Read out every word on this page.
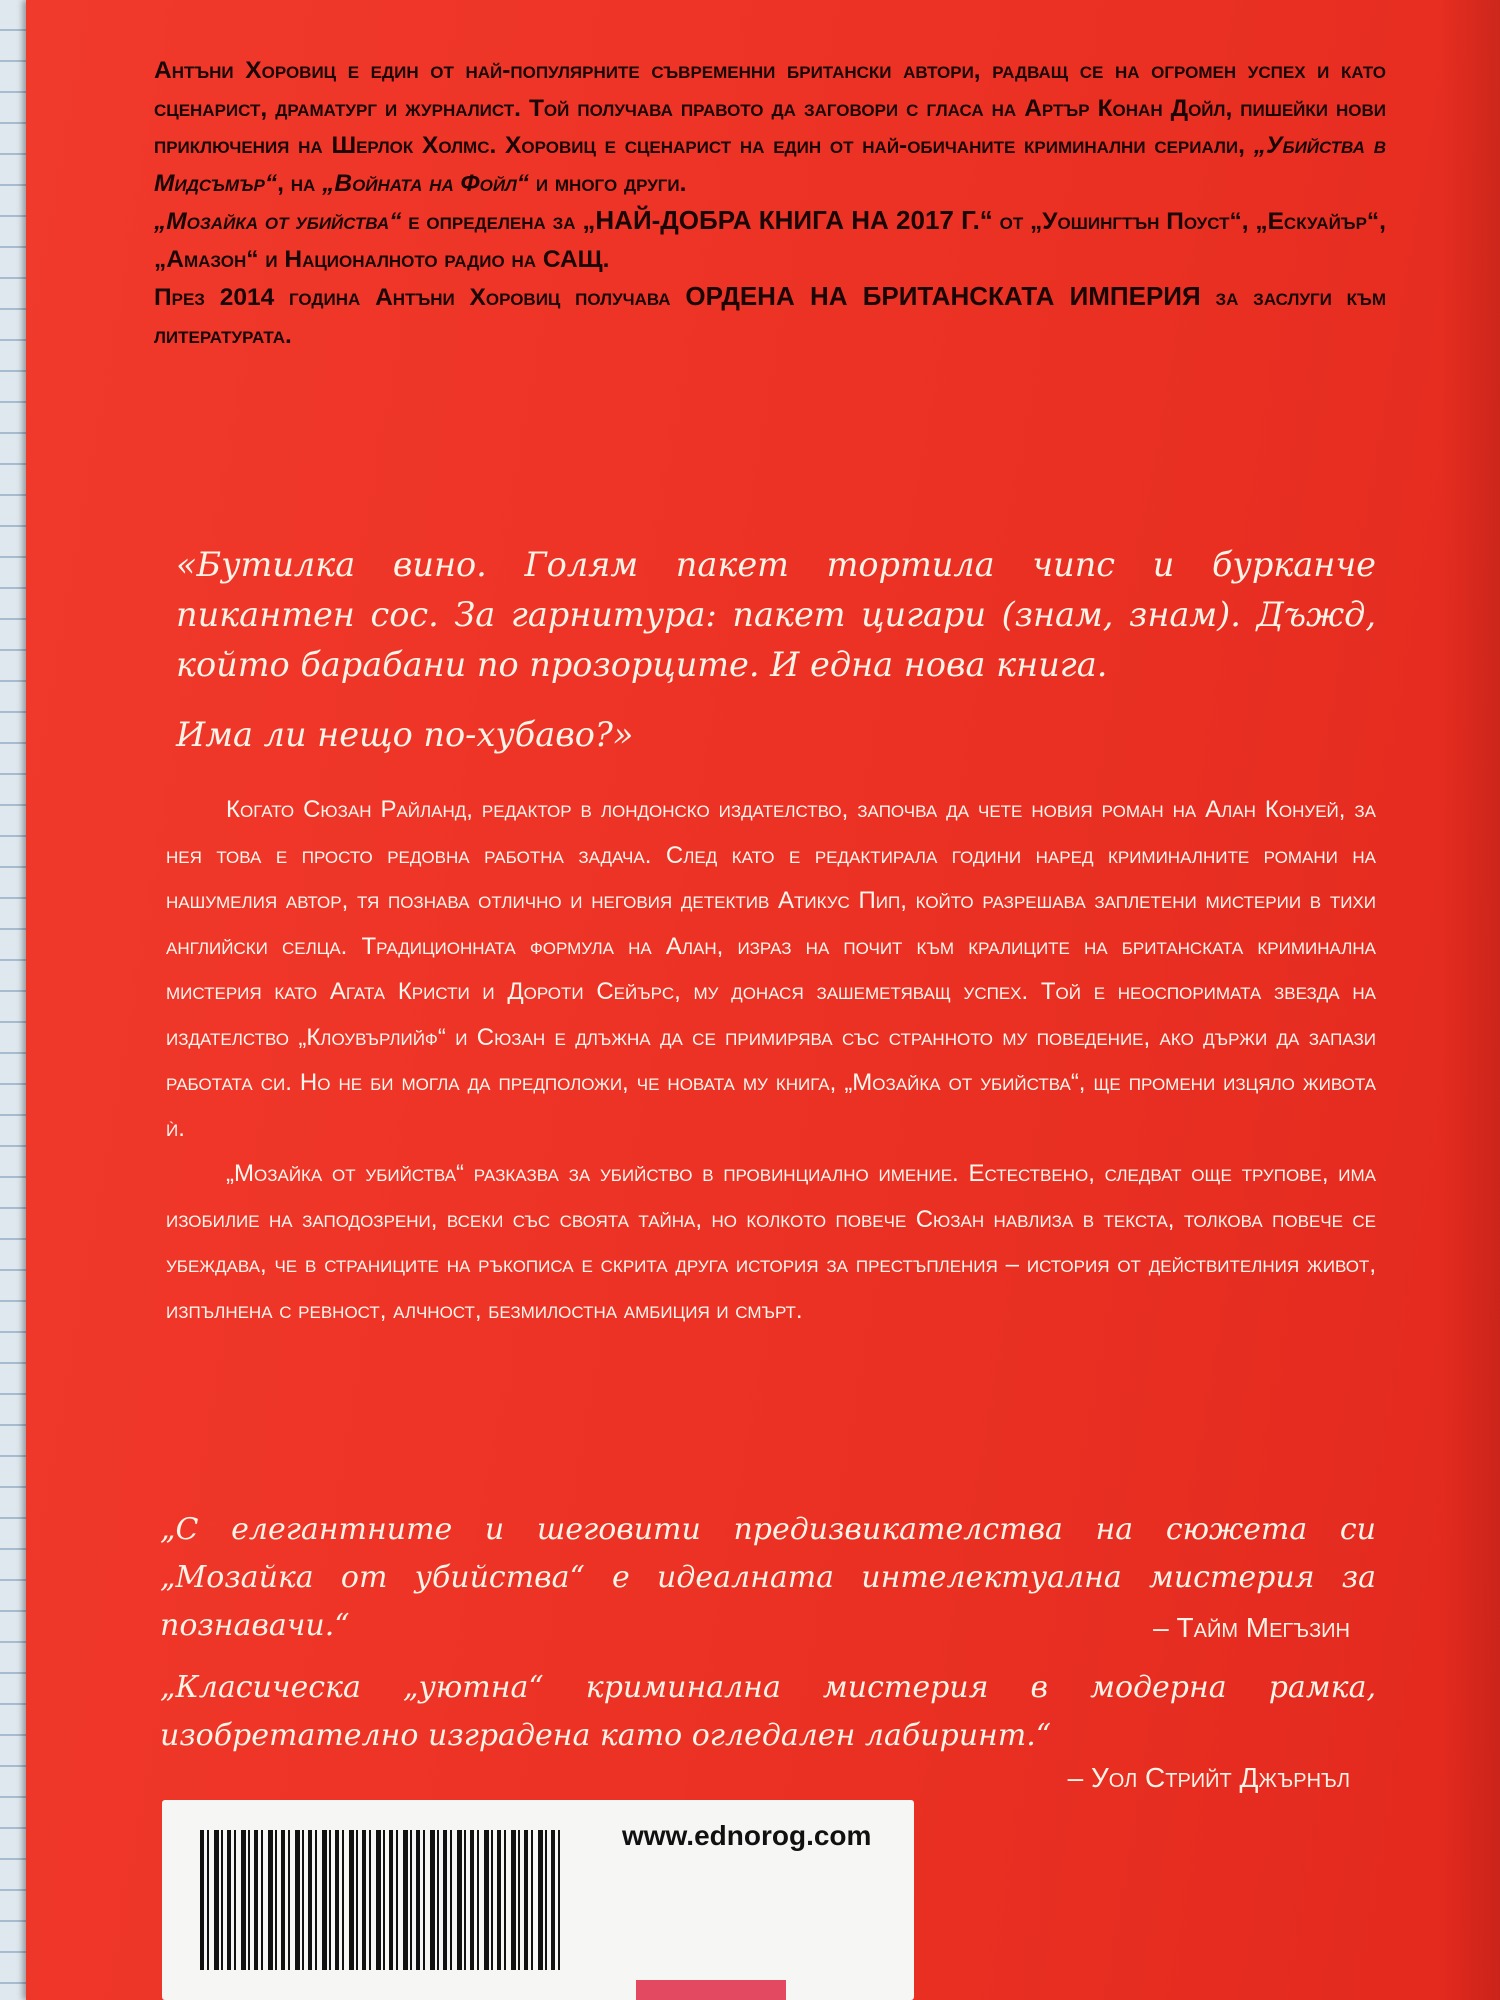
Антъни Хоровиц е един от най-популярните съвременни британски автори, радващ се на огромен успех и като сценарист, драматург и журналист. Той получава правото да заговори с гласа на Артър Конан Дойл, пишейки нови приключения на Шерлок Холмс. Хоровиц е сценарист на един от най-обичаните криминални сериали, „Убийства в Мидсъмър“, на „Войната на Фойл“ и много други.

„Мозайка от убийства“ е определена за „НАЙ-ДОБРА КНИГА НА 2017 Г.“ от „Уошингтън Поуст“, „Ескуайър“, „Амазон“ и Националното радио на САЩ.

През 2014 година Антъни Хоровиц получава ОРДЕНА НА БРИТАНСКАТА ИМПЕРИЯ за заслуги към литературата.

«Бутилка вино. Голям пакет тортила чипс и бурканче пикантен сос. За гарнитура: пакет цигари (знам, знам). Дъжд, който барабани по прозорците. И една нова книга.

Има ли нещо по-хубаво?»

Когато Сюзан Райланд, редактор в лондонско издателство, започва да чете новия роман на Алан Конуей, за нея това е просто редовна работна задача. След като е редактирала години наред криминалните романи на нашумелия автор, тя познава отлично и неговия детектив Атикус Пип, който разрешава заплетени мистерии в тихи английски селца. Традиционната формула на Алан, израз на почит към кралиците на британската криминална мистерия като Агата Кристи и Дороти Сейърс, му донася зашеметяващ успех. Той е неоспоримата звезда на издателство „Клоувърлийф“ и Сюзан е длъжна да се примирява със странното му поведение, ако държи да запази работата си. Но не би могла да предположи, че новата му книга, „Мозайка от убийства“, ще промени изцяло живота ѝ.

„Мозайка от убийства“ разказва за убийство в провинциално имение. Естествено, следват още трупове, има изобилие на заподозрени, всеки със своята тайна, но колкото повече Сюзан навлиза в текста, толкова повече се убеждава, че в страниците на ръкописа е скрита друга история за престъпления – история от действителния живот, изпълнена с ревност, алчност, безмилостна амбиция и смърт.

„С елегантните и шеговити предизвикателства на сюжета си „Мозайка от убийства“ е идеалната интелектуална мистерия за познавачи.“	– Тайм Мегъзин

„Класическа „уютна“ криминална мистерия в модерна рамка, изобретателно изградена като огледален лабиринт.“

– Уол Стрийт Джърнъл
www.ednorog.com
